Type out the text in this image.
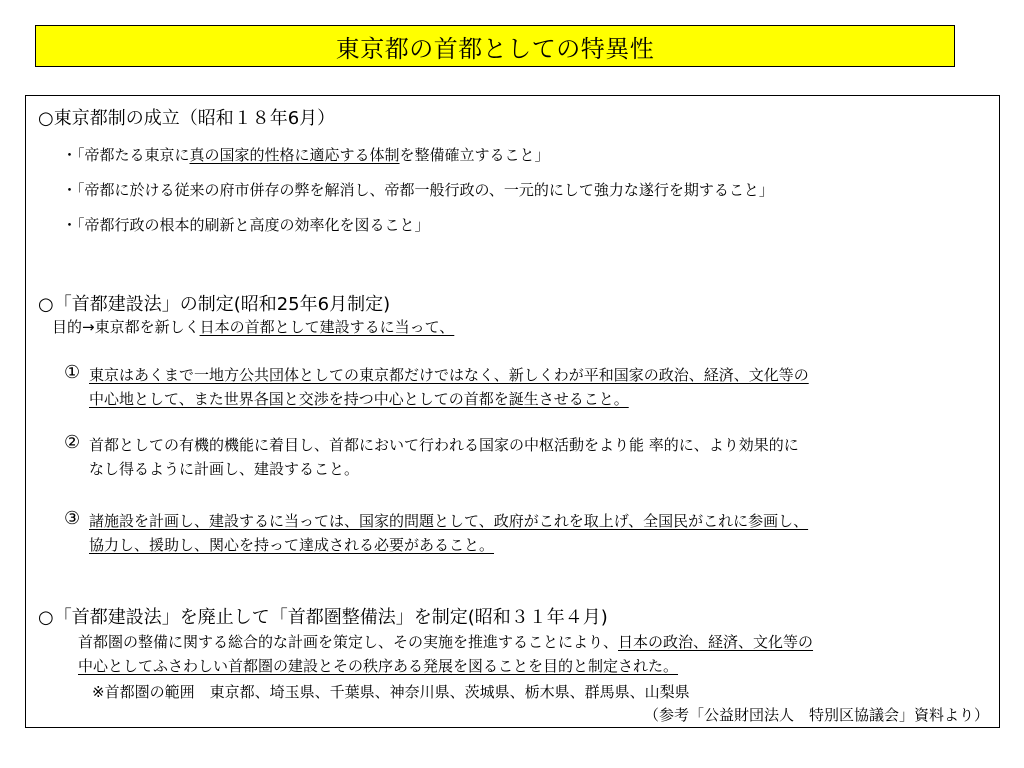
東京都の首都としての特異性
○東京都制の成立（昭和１８年6月）
・「帝都たる東京に真の国家的性格に適応する体制を整備確立すること」
・「帝都に於ける従来の府市併存の弊を解消し、帝都一般行政の、一元的にして強力な遂行を期すること」
・「帝都行政の根本的刷新と高度の効率化を図ること」
○「首都建設法」の制定(昭和25年6月制定)
目的→東京都を新しく日本の首都として建設するに当って、
① 東京はあくまで一地方公共団体としての東京都だけではなく、新しくわが平和国家の政治、経済、文化等の
中心地として、また世界各国と交渉を持つ中心としての首都を誕生させること。
② 首都としての有機的機能に着目し、首都において行われる国家の中枢活動をより能 率的に、より効果的に
なし得るように計画し、建設すること。
③ 諸施設を計画し、建設するに当っては、国家的問題として、政府がこれを取上げ、全国民がこれに参画し、
協力し、援助し、関心を持って達成される必要があること。
○「首都建設法」を廃止して「首都圏整備法」を制定(昭和３１年４月)
首都圏の整備に関する総合的な計画を策定し、その実施を推進することにより、日本の政治、経済、文化等の
中心としてふさわしい首都圏の建設とその秩序ある発展を図ることを目的と制定された。
※首都圏の範囲　東京都、埼玉県、千葉県、神奈川県、茨城県、栃木県、群馬県、山梨県
（参考「公益財団法人　特別区協議会」資料より）
